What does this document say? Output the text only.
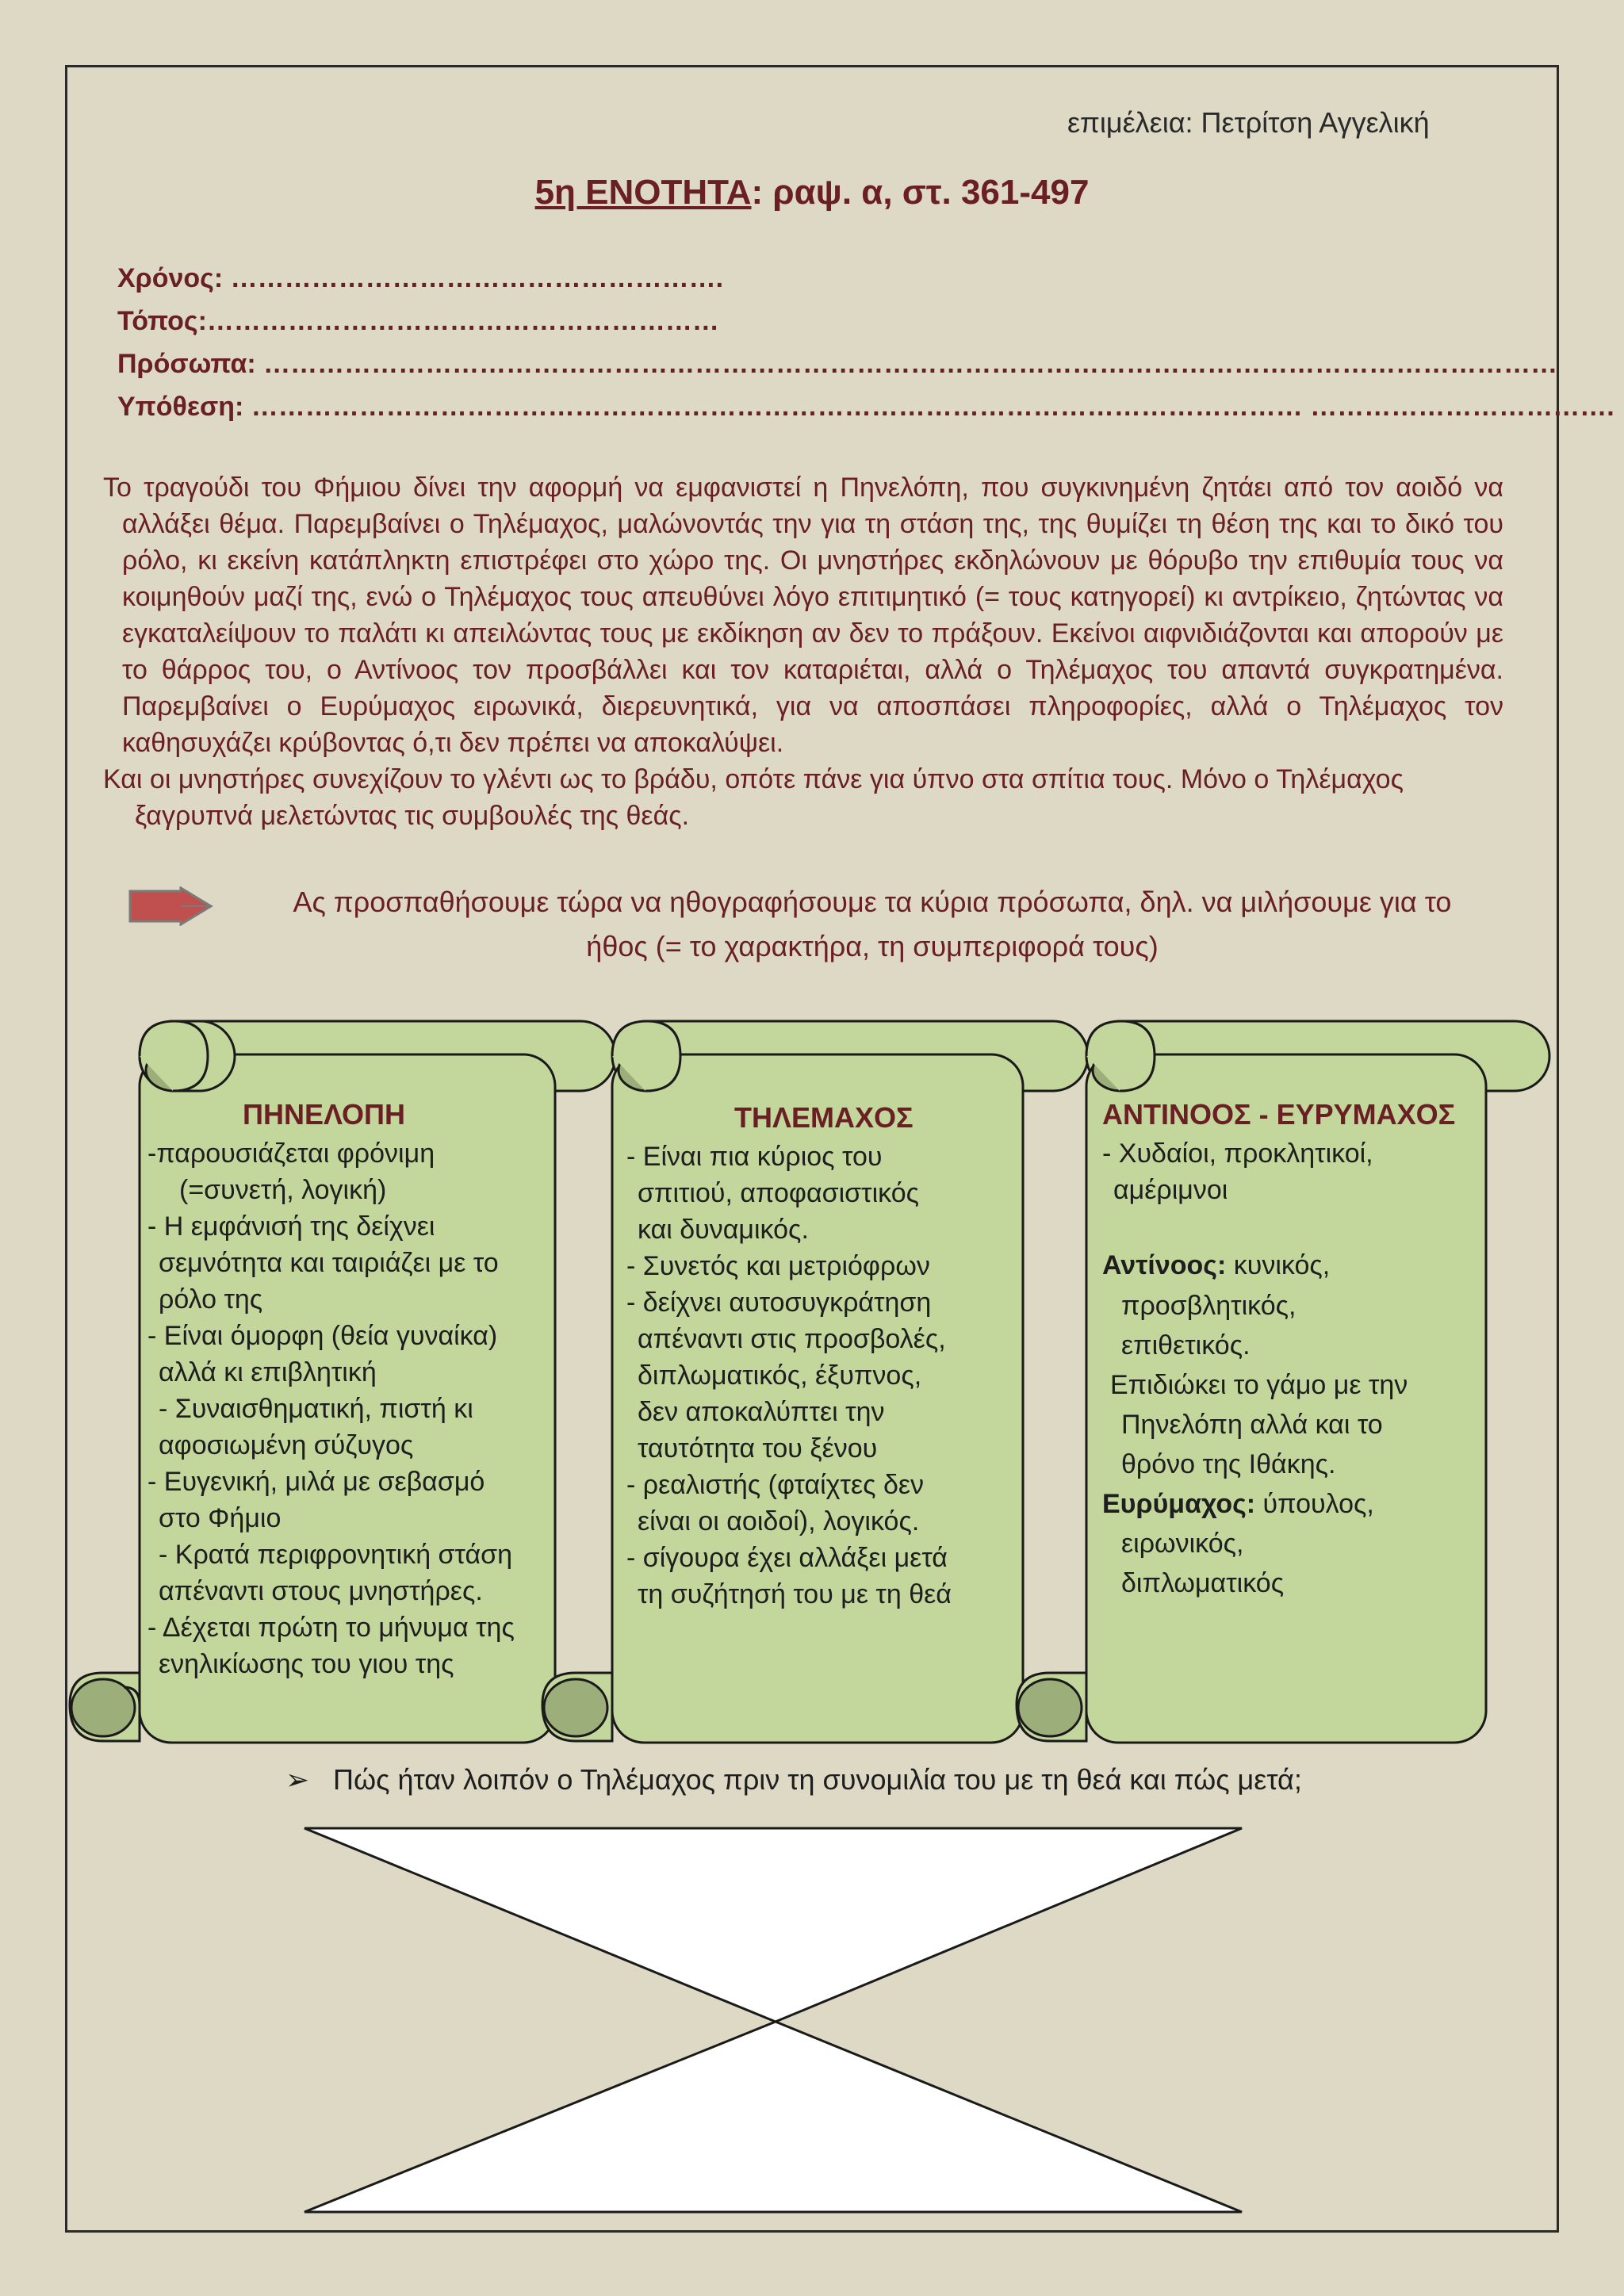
επιμέλεια: Πετρίτση Αγγελική
5η ΕΝΟΤΗΤΑ: ραψ. α, στ. 361-497
Χρόνος: ……………………………………………….
Τόπος:…………………………………………………
Πρόσωπα: ………………………………………………………………………………………………………………………………
Υπόθεση: ……………………………………………………………………………………………………… …………………………….

Το τραγούδι του Φήμιου δίνει την αφορμή να εμφανιστεί η Πηνελόπη, που συγκινημένη ζητάει από τον αοιδό να αλλάξει θέμα. Παρεμβαίνει ο Τηλέμαχος, μαλώνοντάς την για τη στάση της, της θυμίζει τη θέση της και το δικό του ρόλο, κι εκείνη κατάπληκτη επιστρέφει στο χώρο της. Οι μνηστήρες εκδηλώνουν με θόρυβο την επιθυμία τους να κοιμηθούν μαζί της, ενώ ο Τηλέμαχος τους απευθύνει λόγο επιτιμητικό (= τους κατηγορεί) κι αντρίκειο, ζητώντας να εγκαταλείψουν το παλάτι κι απειλώντας τους με εκδίκηση αν δεν το πράξουν. Εκείνοι αιφνιδιάζονται και απορούν με το θάρρος του, ο Αντίνοος τον προσβάλλει και τον καταριέται, αλλά ο Τηλέμαχος του απαντά συγκρατημένα. Παρεμβαίνει ο Ευρύμαχος ειρωνικά, διερευνητικά, για να αποσπάσει πληροφορίες, αλλά ο Τηλέμαχος τον καθησυχάζει κρύβοντας ό,τι δεν πρέπει να αποκαλύψει.

Και οι μνηστήρες συνεχίζουν το γλέντι ως το βράδυ, οπότε πάνε για ύπνο στα σπίτια τους. Μόνο ο Τηλέμαχος ξαγρυπνά μελετώντας τις συμβουλές της θεάς.

Ας προσπαθήσουμε τώρα να ηθογραφήσουμε τα κύρια πρόσωπα, δηλ. να μιλήσουμε για το
ήθος (= το χαρακτήρα, τη συμπεριφορά τους)
ΠΗΝΕΛΟΠΗ
-παρουσιάζεται φρόνιμη
(=συνετή, λογική)
- Η εμφάνισή της δείχνει
σεμνότητα και ταιριάζει με το
ρόλο της
- Είναι όμορφη (θεία γυναίκα)
αλλά κι επιβλητική
- Συναισθηματική, πιστή κι
αφοσιωμένη σύζυγος
- Ευγενική, μιλά με σεβασμό
στο Φήμιο
- Κρατά περιφρονητική στάση
απέναντι στους μνηστήρες.
- Δέχεται πρώτη το μήνυμα της
ενηλικίωσης του γιου της
ΤΗΛΕΜΑΧΟΣ
- Είναι πια κύριος του
σπιτιού, αποφασιστικός
και δυναμικός.
- Συνετός και μετριόφρων
- δείχνει αυτοσυγκράτηση
απέναντι στις προσβολές,
διπλωματικός, έξυπνος,
δεν αποκαλύπτει την
ταυτότητα του ξένου
- ρεαλιστής (φταίχτες δεν
είναι οι αοιδοί), λογικός.
- σίγουρα έχει αλλάξει μετά
τη συζήτησή του με τη θεά
ΑΝΤΙΝΟΟΣ - ΕΥΡΥΜΑΧΟΣ
- Χυδαίοι, προκλητικοί,
αμέριμνοι
Αντίνοος: κυνικός,
προσβλητικός,
επιθετικός.
Επιδιώκει το γάμο με την
Πηνελόπη αλλά και το
θρόνο της Ιθάκης.
Ευρύμαχος: ύπουλος,
ειρωνικός,
διπλωματικός
➢ Πώς ήταν λοιπόν ο Τηλέμαχος πριν τη συνομιλία του με τη θεά και πώς μετά;
